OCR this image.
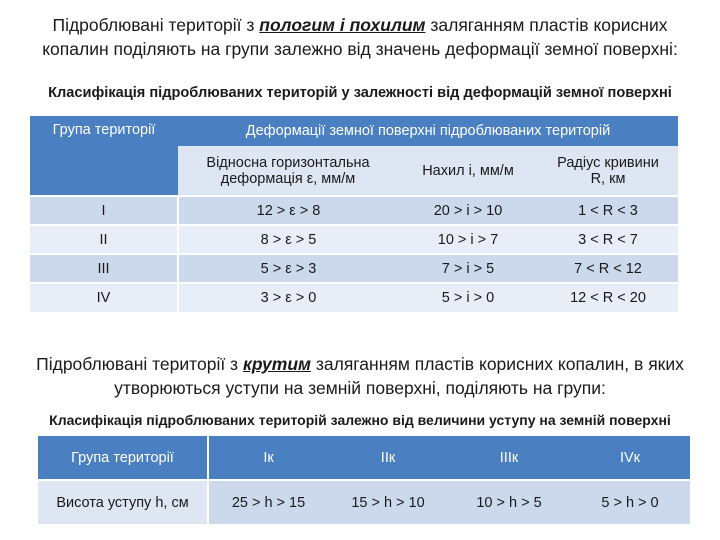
Підроблювані території з пологим і похилим заляганням пластів корисних
копалин поділяють на групи залежно від значень деформації земної поверхні:
Класифікація підроблюваних територій у залежності від деформацій земної поверхні
Група території	Деформації земної поверхні підроблюваних територій		
	Відносна горизонтальна деформація ε, мм/м	Нахил i, мм/м	Радіус кривини R, км
I	12 > ε > 8	20 > i > 10	1 < R < 3
II	8 > ε > 5	10 > i > 7	3 < R < 7
III	5 > ε > 3	7 > i > 5	7 < R < 12
IV	3 > ε > 0	5 > i > 0	12 < R < 20
Підроблювані території з крутим заляганням пластів корисних копалин, в яких
утворюються уступи на земній поверхні, поділяють на групи:
Класифікація підроблюваних територій залежно від величини уступу на земній поверхні
Група території	Ік	ІІк	ІІІк	ІVк
Висота уступу h, см	25 > h > 15	15 > h > 10	10 > h > 5	5 > h > 0
